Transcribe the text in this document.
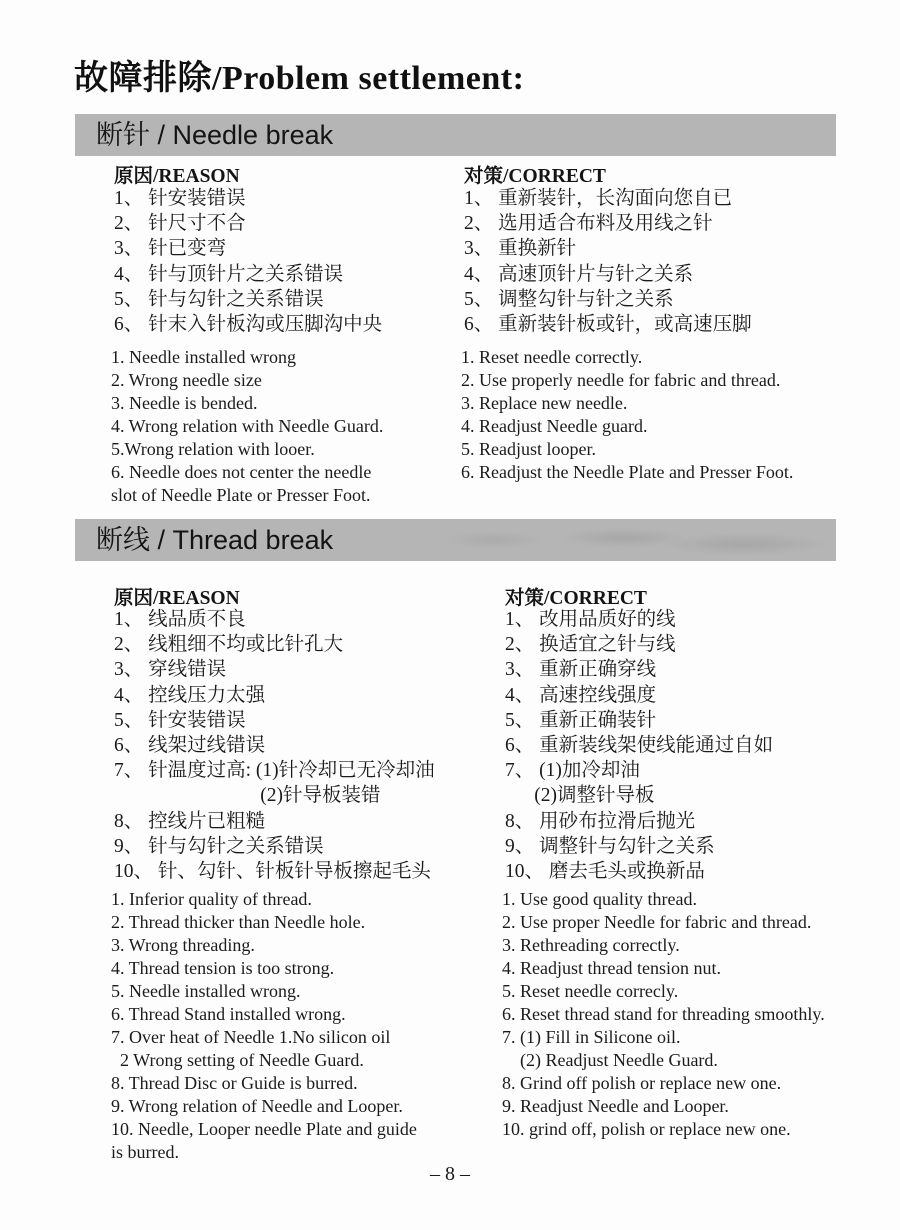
故障排除/Problem settlement:
断针 / Needle break
原因/REASON	对策/CORRECT
1、 针安装错误
2、 针尺寸不合
3、 针已变弯
4、 针与顶针片之关系错误
5、 针与勾针之关系错误
6、 针末入针板沟或压脚沟中央
1、 重新装针，长沟面向您自已
2、 选用适合布料及用线之针
3、 重换新针
4、 高速顶针片与针之关系
5、 调整勾针与针之关系
6、 重新装针板或针，或高速压脚
1. Needle installed wrong
2. Wrong needle size
3. Needle is bended.
4. Wrong relation with Needle Guard.
5.Wrong relation with looer.
6. Needle does not center the needle
slot of Needle Plate or Presser Foot.
1. Reset needle correctly.
2. Use properly needle for fabric and thread.
3. Replace new needle.
4. Readjust Needle guard.
5. Readjust looper.
6. Readjust the Needle Plate and Presser Foot.
断线 / Thread break
原因/REASON	对策/CORRECT
1、 线品质不良
2、 线粗细不均或比针孔大
3、 穿线错误
4、 控线压力太强
5、 针安装错误
6、 线架过线错误
7、 针温度过高: (1)针冷却已无冷却油
　　　　　　　  (2)针导板装错
8、 控线片已粗糙
9、 针与勾针之关系错误
10、 针、勾针、针板针导板擦起毛头
1、 改用品质好的线
2、 换适宜之针与线
3、 重新正确穿线
4、 高速控线强度
5、 重新正确装针
6、 重新装线架使线能通过自如
7、 (1)加冷却油
　  (2)调整针导板
8、 用砂布拉滑后抛光
9、 调整针与勾针之关系
10、 磨去毛头或换新品
1. Inferior quality of thread.
2. Thread thicker than Needle hole.
3. Wrong threading.
4. Thread tension is too strong.
5. Needle installed wrong.
6. Thread Stand installed wrong.
7. Over heat of Needle 1.No silicon oil
2 Wrong setting of Needle Guard.
8. Thread Disc or Guide is burred.
9. Wrong relation of Needle and Looper.
10. Needle, Looper needle Plate and guide
is burred.
1. Use good quality thread.
2. Use proper Needle for fabric and thread.
3. Rethreading correctly.
4. Readjust thread tension nut.
5. Reset needle correcly.
6. Reset thread stand for threading smoothly.
7. (1) Fill in Silicone oil.
(2) Readjust Needle Guard.
8. Grind off polish or replace new one.
9. Readjust Needle and Looper.
10. grind off, polish or replace new one.
– 8 –
